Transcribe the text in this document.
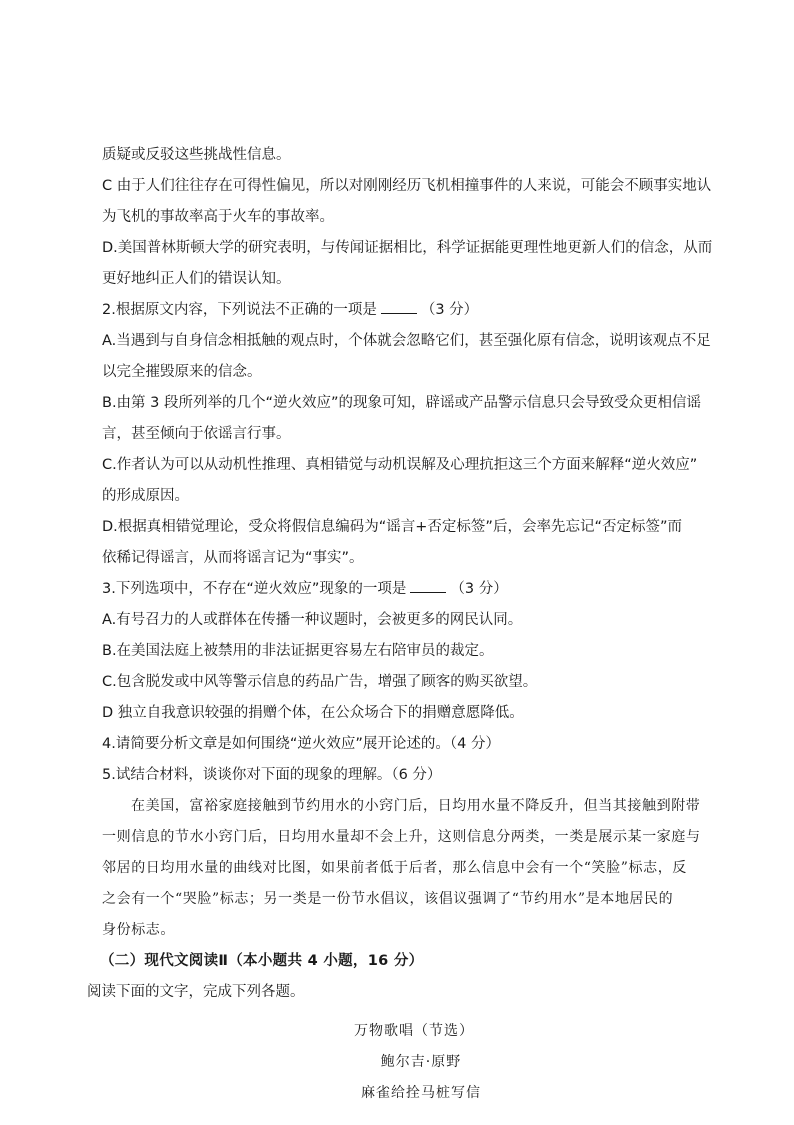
质疑或反驳这些挑战性信息。
C 由于人们往往存在可得性偏见，所以对刚刚经历飞机相撞事件的人来说，可能会不顾事实地认
为飞机的事故率高于火车的事故率。
D.美国普林斯顿大学的研究表明，与传闻证据相比，科学证据能更理性地更新人们的信念，从而
更好地纠正人们的错误认知。
2.根据原文内容，下列说法不正确的一项是	（3 分）
A.当遇到与自身信念相抵触的观点时，个体就会忽略它们，甚至强化原有信念，说明该观点不足
以完全摧毁原来的信念。
B.由第 3 段所列举的几个“逆火效应”的现象可知，辟谣或产品警示信息只会导致受众更相信谣
言，甚至倾向于依谣言行事。
C.作者认为可以从动机性推理、真相错觉与动机误解及心理抗拒这三个方面来解释“逆火效应”
的形成原因。
D.根据真相错觉理论，受众将假信息编码为“谣言+否定标签”后，会率先忘记“否定标签”而
依稀记得谣言，从而将谣言记为“事实”。
3.下列选项中，不存在“逆火效应”现象的一项是	（3 分）
A.有号召力的人或群体在传播一种议题时，会被更多的网民认同。
B.在美国法庭上被禁用的非法证据更容易左右陪审员的裁定。
C.包含脱发或中风等警示信息的药品广告，增强了顾客的购买欲望。
D 独立自我意识较强的捐赠个体，在公众场合下的捐赠意愿降低。
4.请简要分析文章是如何围绕“逆火效应”展开论述的。（4 分）
5.试结合材料，谈谈你对下面的现象的理解。（6 分）
在美国，富裕家庭接触到节约用水的小窍门后，日均用水量不降反升，但当其接触到附带
一则信息的节水小窍门后，日均用水量却不会上升，这则信息分两类，一类是展示某一家庭与
邻居的日均用水量的曲线对比图，如果前者低于后者，那么信息中会有一个“笑脸”标志，反
之会有一个“哭脸”标志；另一类是一份节水倡议，该倡议强调了“节约用水”是本地居民的
身份标志。
（二）现代文阅读Ⅱ（本小题共 4 小题，16 分）
阅读下面的文字，完成下列各题。
万物歌唱（节选）
鲍尔吉·原野
麻雀给拴马桩写信
